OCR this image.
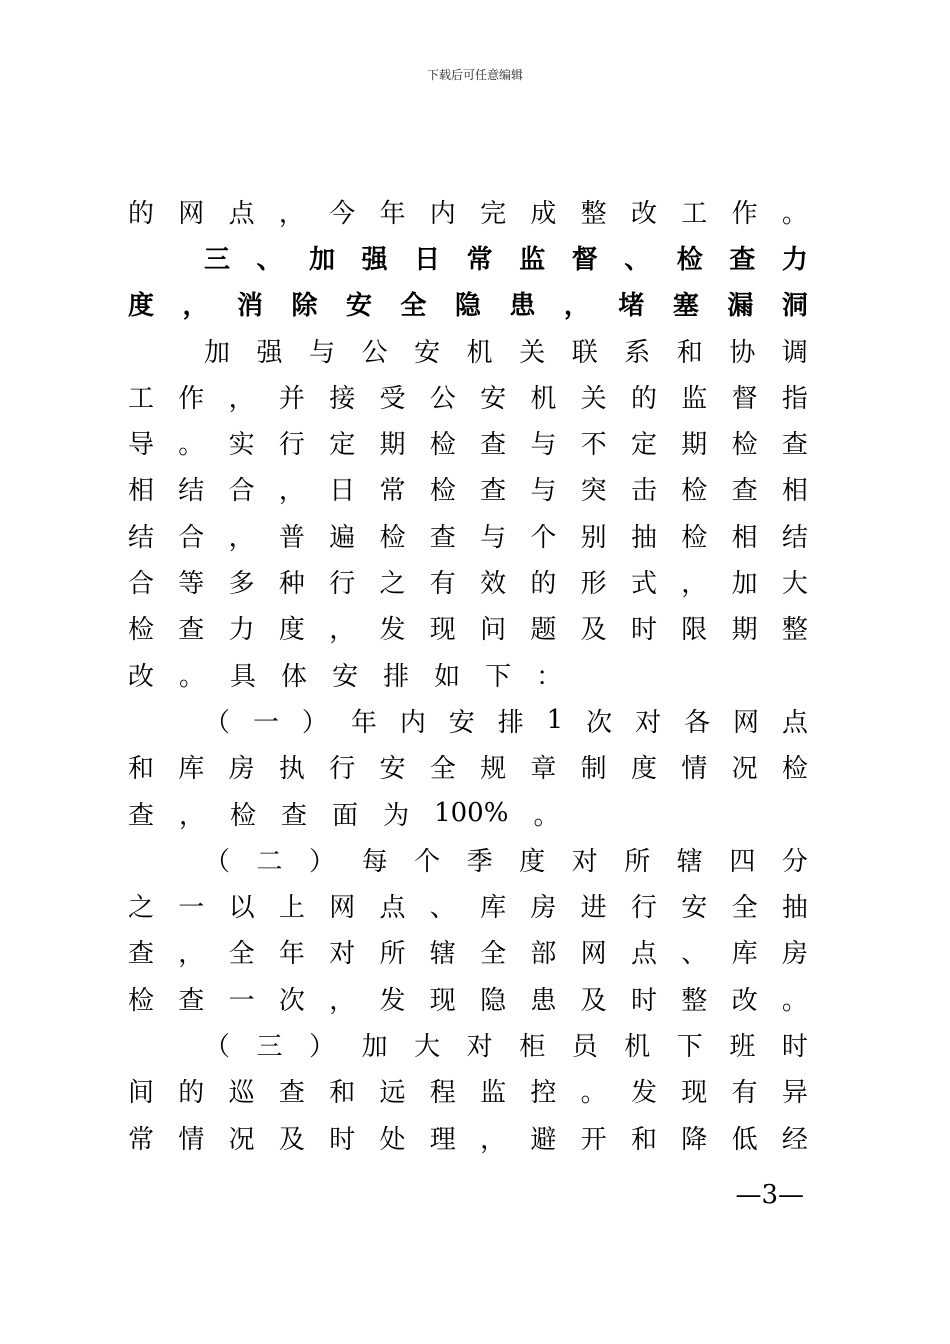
下载后可任意编辑
的 网 点 ， 今 年 内 完 成 整 改 工 作 。
三 、 加 强 日 常 监 督 、 检 查 力
度 ， 消 除 安 全 隐 患 ， 堵 塞 漏 洞
加 强 与 公 安 机 关 联 系 和 协 调
工 作 ， 并 接 受 公 安 机 关 的 监 督 指
导 。 实 行 定 期 检 查 与 不 定 期 检 查
相 结 合 ， 日 常 检 查 与 突 击 检 查 相
结 合 ， 普 遍 检 查 与 个 别 抽 检 相 结
合 等 多 种 行 之 有 效 的 形 式 ， 加 大
检 查 力 度 ， 发 现 问 题 及 时 限 期 整
改 。 具 体 安 排 如 下 ：
（ 一 ） 年 内 安 排 1 次 对 各 网 点
和 库 房 执 行 安 全 规 章 制 度 情 况 检
查 ， 检 查 面 为 100% 。
（ 二 ） 每 个 季 度 对 所 辖 四 分
之 一 以 上 网 点 、 库 房 进 行 安 全 抽
查 ， 全 年 对 所 辖 全 部 网 点 、 库 房
检 查 一 次 ， 发 现 隐 患 及 时 整 改 。
（ 三 ） 加 大 对 柜 员 机 下 班 时
间 的 巡 查 和 远 程 监 控 。 发 现 有 异
常 情 况 及 时 处 理 ， 避 开 和 降 低 经
—3—
